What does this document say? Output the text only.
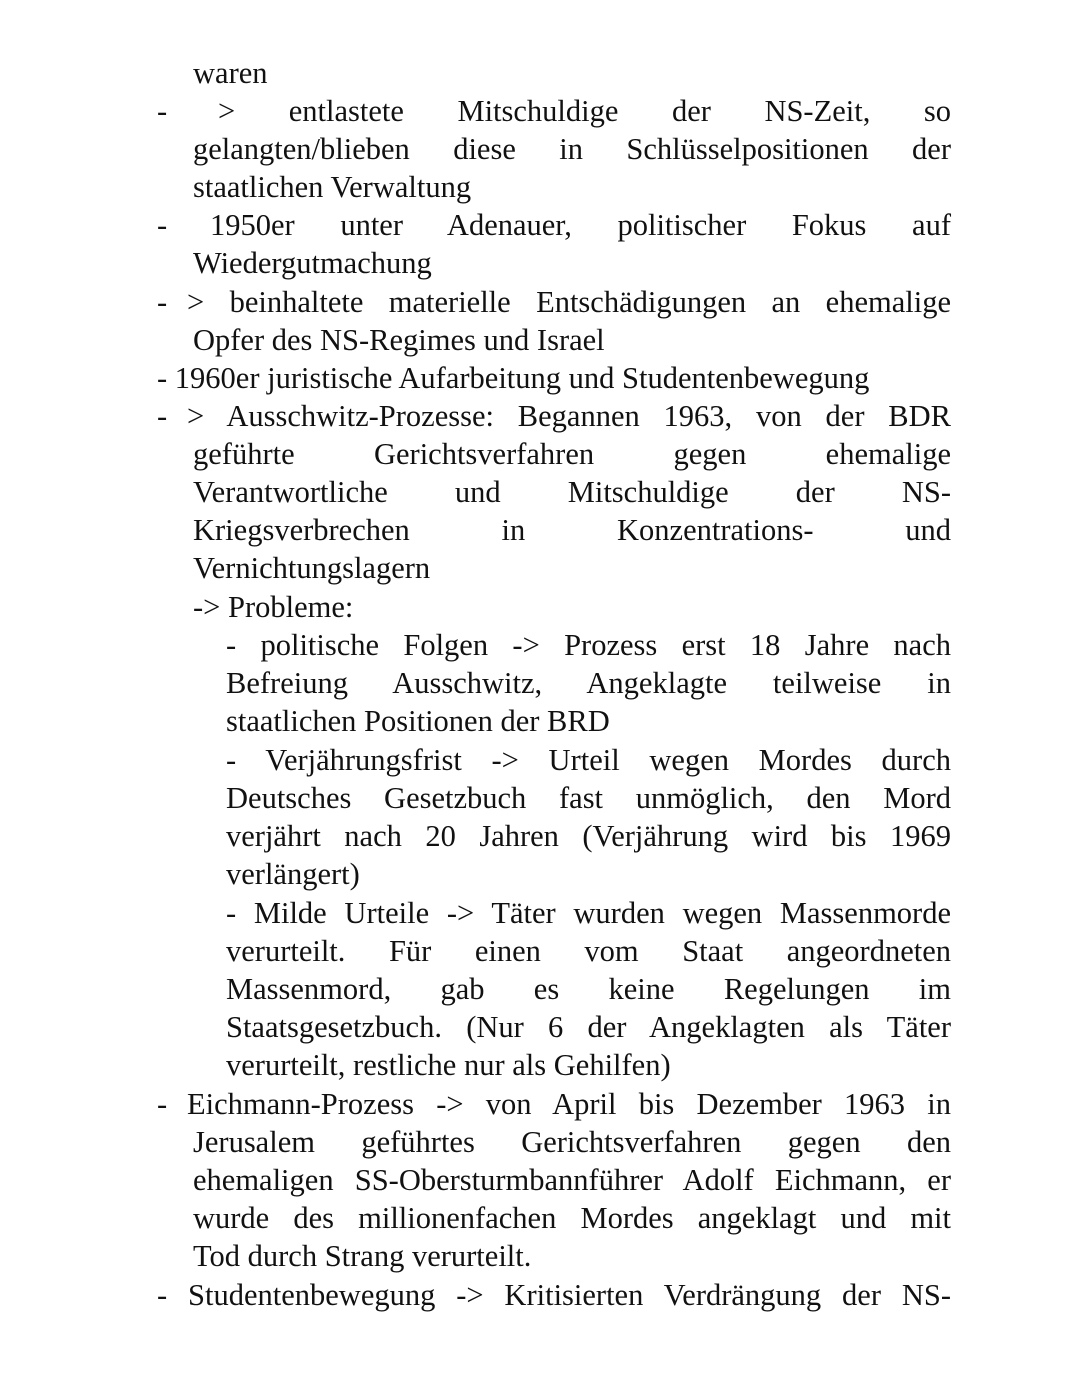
waren
- > entlastete Mitschuldige der NS-Zeit, so
gelangten/blieben diese in Schlüsselpositionen der
staatlichen Verwaltung
- 1950er unter Adenauer, politischer Fokus auf
Wiedergutmachung
- > beinhaltete materielle Entschädigungen an ehemalige
Opfer des NS-Regimes und Israel
- 1960er juristische Aufarbeitung und Studentenbewegung
- > Ausschwitz-Prozesse: Begannen 1963, von der BDR
geführte Gerichtsverfahren gegen ehemalige
Verantwortliche und Mitschuldige der NS-
Kriegsverbrechen in Konzentrations- und
Vernichtungslagern
-> Probleme:
- politische Folgen -> Prozess erst 18 Jahre nach
Befreiung Ausschwitz, Angeklagte teilweise in
staatlichen Positionen der BRD
- Verjährungsfrist -> Urteil wegen Mordes durch
Deutsches Gesetzbuch fast unmöglich, den Mord
verjährt nach 20 Jahren (Verjährung wird bis 1969
verlängert)
- Milde Urteile -> Täter wurden wegen Massenmorde
verurteilt. Für einen vom Staat angeordneten
Massenmord, gab es keine Regelungen im
Staatsgesetzbuch. (Nur 6 der Angeklagten als Täter
verurteilt, restliche nur als Gehilfen)
- Eichmann-Prozess -> von April bis Dezember 1963 in
Jerusalem geführtes Gerichtsverfahren gegen den
ehemaligen SS-Obersturmbannführer Adolf Eichmann, er
wurde des millionenfachen Mordes angeklagt und mit
Tod durch Strang verurteilt.
- Studentenbewegung -> Kritisierten Verdrängung der NS-
